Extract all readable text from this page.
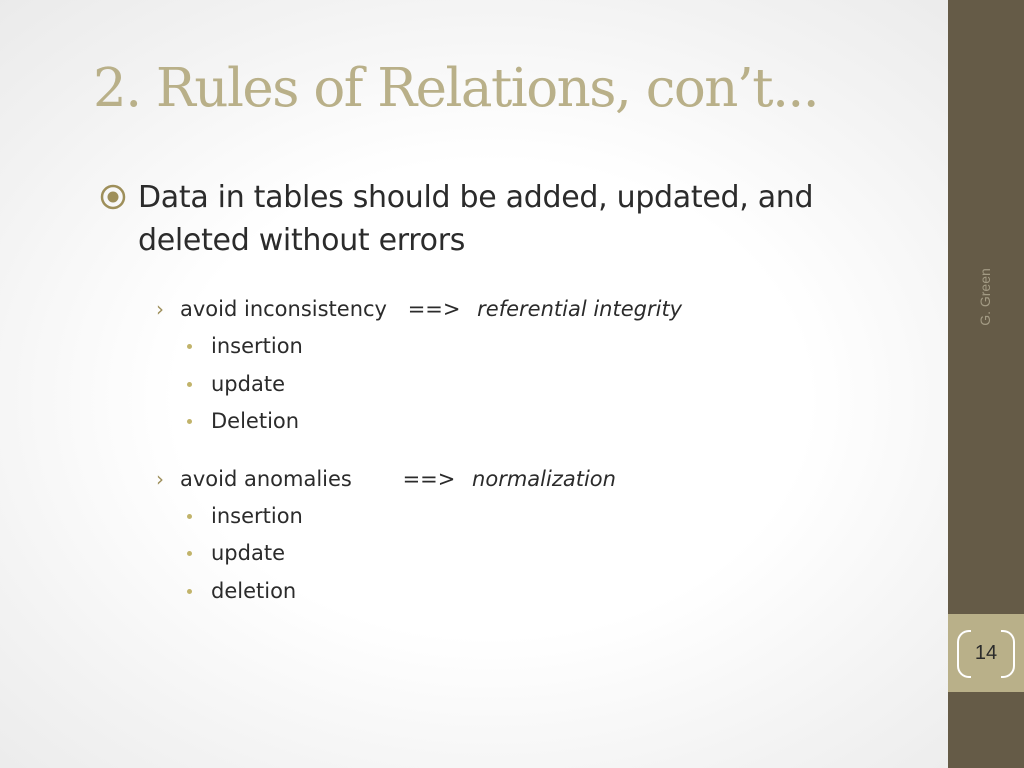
2. Rules of Relations, con’t...
Data in tables should be added, updated, and deleted without errors
› avoid inconsistency ==> referential integrity
insertion
update
Deletion
› avoid anomalies ==> normalization
insertion
update
deletion
G. Green
14
